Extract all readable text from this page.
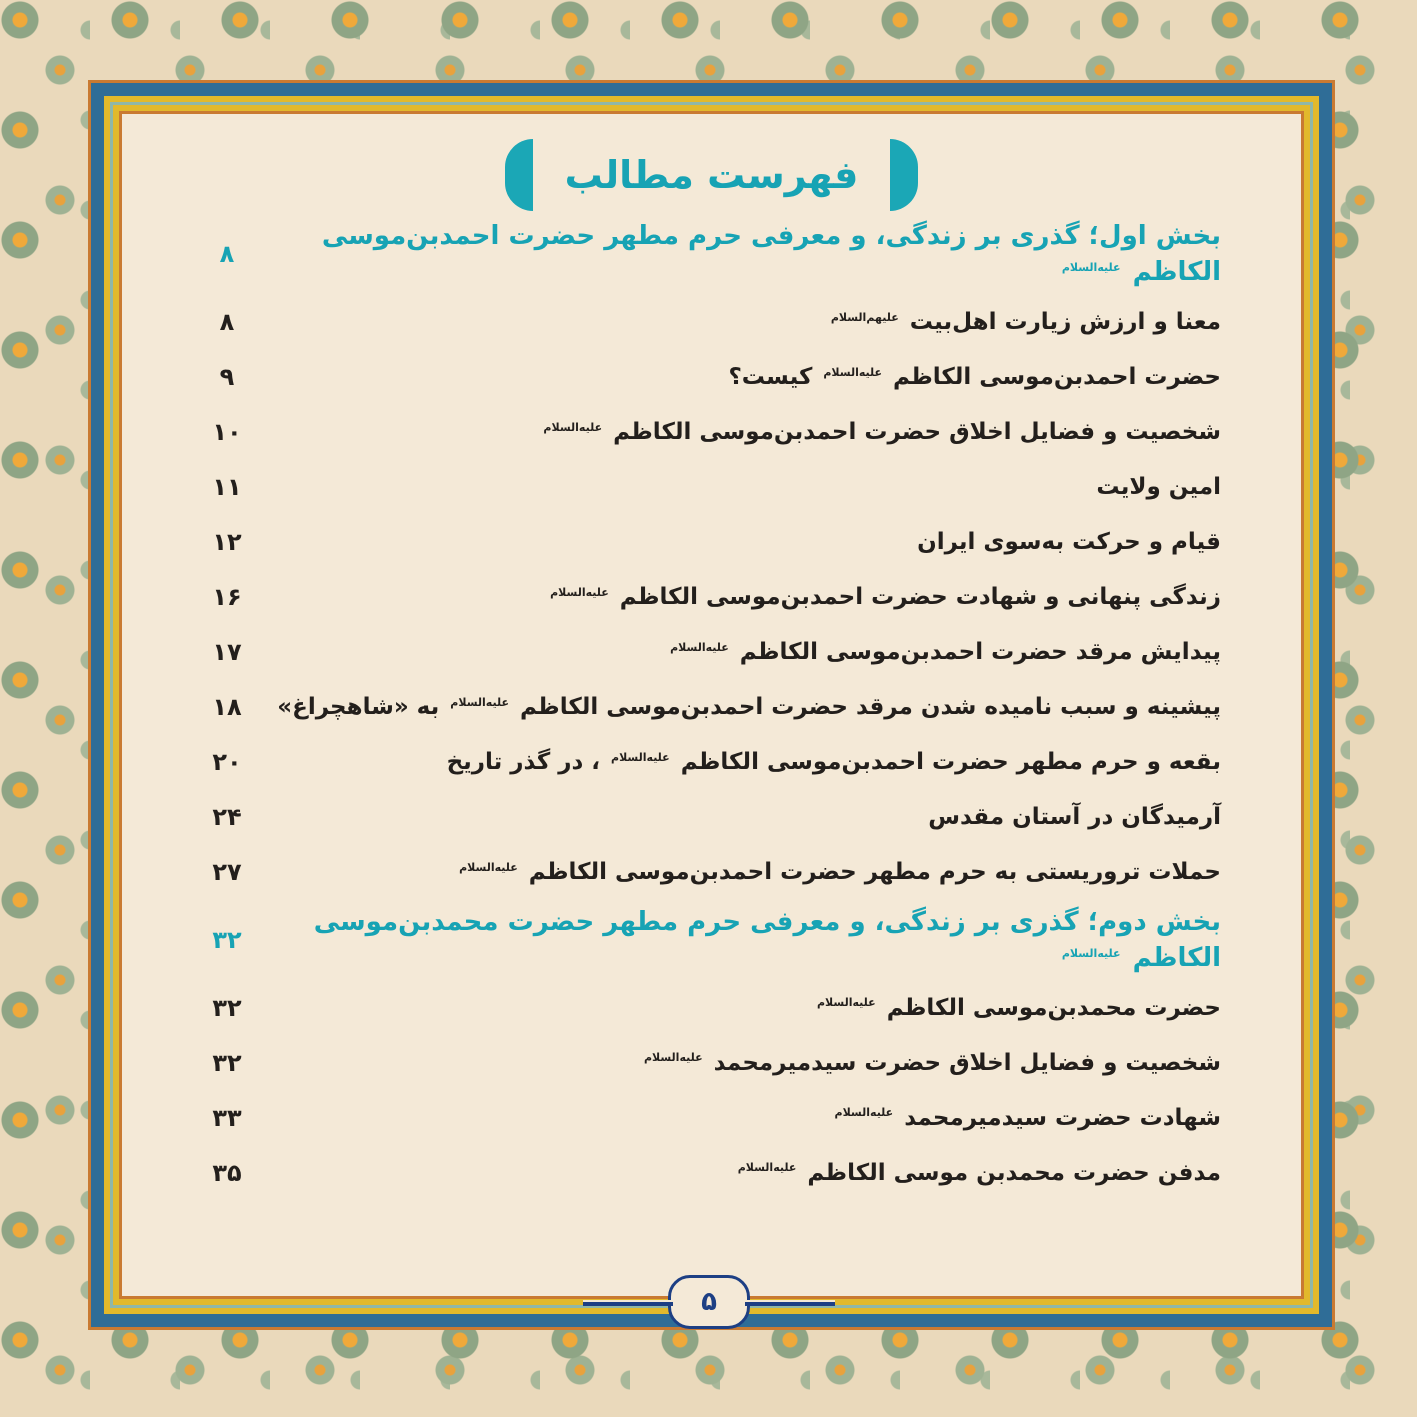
فهرست مطالب
بخش اول؛ گذری بر زندگی، و معرفی حرم مطهر حضرت احمدبن‌موسی الکاظم $^{علیه‌السلام}$
۸
معنا و ارزش زیارت اهل‌بیت $^{علیهم‌السلام}$
۸
حضرت احمدبن‌موسی الکاظم $^{علیه‌السلام}$ کیست؟
۹
شخصیت و فضایل اخلاق حضرت احمدبن‌موسی الکاظم $^{علیه‌السلام}$
۱۰
امین ولایت
۱۱
قیام و حرکت به‌سوی ایران
۱۲
زندگی پنهانی و شهادت حضرت احمدبن‌موسی الکاظم $^{علیه‌السلام}$
۱۶
پیدایش مرقد حضرت احمدبن‌موسی الکاظم $^{علیه‌السلام}$
۱۷
پیشینه و سبب نامیده شدن مرقد حضرت احمدبن‌موسی الکاظم $^{علیه‌السلام}$ به «شاهچراغ»
۱۸
بقعه و حرم مطهر حضرت احمدبن‌موسی الکاظم $^{علیه‌السلام}$ ، در گذر تاریخ
۲۰
آرمیدگان در آستان مقدس
۲۴
حملات تروریستی به حرم مطهر حضرت احمدبن‌موسی الکاظم $^{علیه‌السلام}$
۲۷
بخش دوم؛ گذری بر زندگی، و معرفی حرم مطهر حضرت محمدبن‌موسی الکاظم $^{علیه‌السلام}$
۳۲
حضرت محمدبن‌موسی الکاظم $^{علیه‌السلام}$
۳۲
شخصیت و فضایل اخلاق حضرت سیدمیرمحمد $^{علیه‌السلام}$
۳۲
شهادت حضرت سیدمیرمحمد $^{علیه‌السلام}$
۳۳
مدفن حضرت محمدبن موسی الکاظم $^{علیه‌السلام}$
۳۵
۵
